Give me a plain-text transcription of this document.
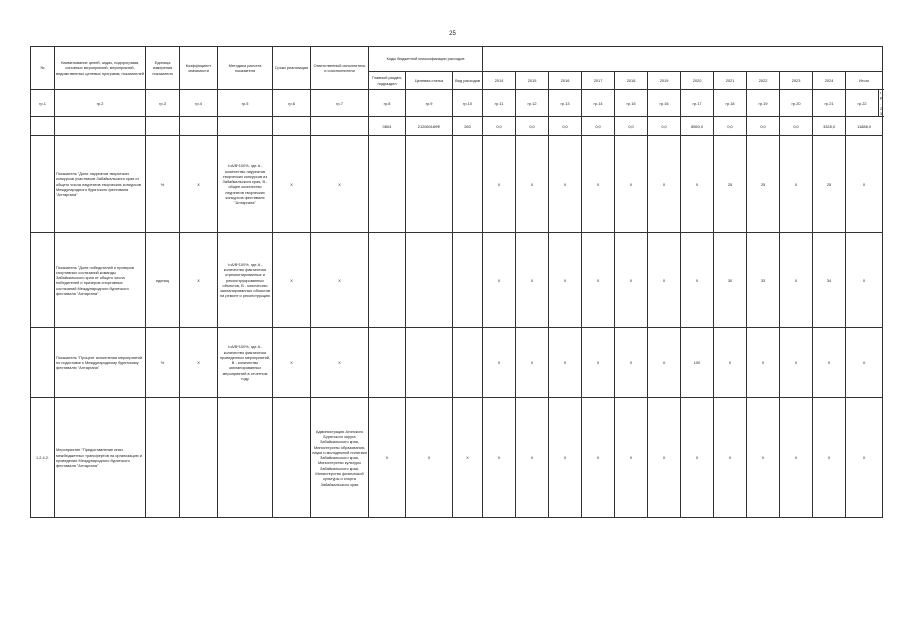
25
№	Наименование целей, задач, подпрограмм, основных мероприятий, мероприятий, ведомственных целевых программ, показателей	Единица измерения показателя	Коэффициент значимости	Методика расчета показателя	Сроки реализации	Ответственный исполнитель и соисполнители	Коды бюджетной классификации расходов																
							Главный раздел, подраздел	Целевая статья	Вид расходов	2014	2015	2016	2017	2018	2019	2020	2021	2022	2023	2024	Итого		
гр.1	гр.2	гр.3	гр.4	гр.5	гр.6	гр.7	гр.8	гр.9	гр.10	гр.11	гр.12	гр.13	гр.14	гр.15	гр.16	гр.17	гр.18	гр.19	гр.20	гр.21	гр.22	гр.23	
							0804	212060189Ф	260	0,0	0,0	0,0	0,0	0,0	0,0	8560,0	0,0	0,0	0,0	3328,0	11888,0		
	Показатель "Доля лауреатов творческих конкурсов участников Забайкальского края от общего числа лауреатов творческих конкурсов Международного бурятского фестиваля "Алтаргана"	%	X	I=A/B*100%, где A - количество лауреатов творческих конкурсов из Забайкальского края, B - общее количество лауреатов творческих конкурсов фестиваля "Алтаргана"	X	X				X	X	X	X	X	X	X	25	25	X	25	X		
	Показатель "Доля победителей и призеров спортивных состязаний команды Забайкальского края от общего числа победителей и призеров спортивных состязаний Международного бурятского фестиваля "Алтаргана"	единиц	X	I=A/B*100%, где A - количество фактически отремонтированных и реконструированных объектов, B - количество запланированных объектов на ремонт и реконструкцию	X	X				X	X	X	X	X	X	X	30	33	X	34	X		
	Показатель "Процент исполнения мероприятий по подготовке к Международному бурятскому фестивалю "Алтаргана"	%	X	I=A/B*100%, где A - количество фактически проведенных мероприятий, B - количество запланированных мероприятий в отчетном году	X	X				X	X	X	X	X	X	100	X	X	X	X	X		
1.2.4.2.	Мероприятие "Предоставление иных межбюджетных трансфертов на организацию и проведение Международного бурятского фестиваля "Алтаргана"					Администрация Агинского Бурятского округа Забайкальского края, Министерство образования, науки и молодежной политики Забайкальского края, Министерство культуры Забайкальского края, Министерство физической культуры и спорта Забайкальского края	X	X	X	X	X	X	X	X	X	X	X	X	X	X	X		
